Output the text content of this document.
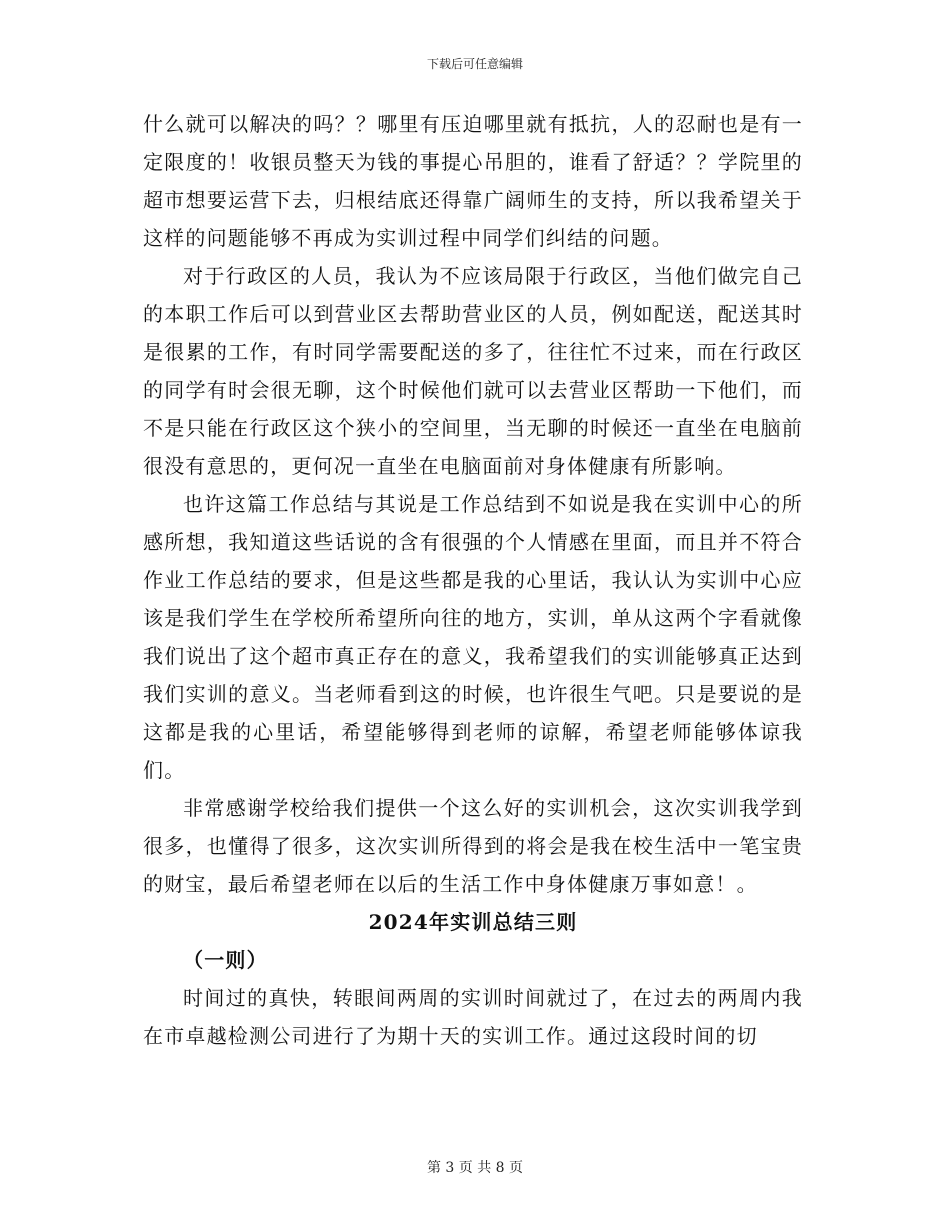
下载后可任意编辑

什么就可以解决的吗？？哪里有压迫哪里就有抵抗，人的忍耐也是有一定限度的！收银员整天为钱的事提心吊胆的，谁看了舒适？？学院里的超市想要运营下去，归根结底还得靠广阔师生的支持，所以我希望关于这样的问题能够不再成为实训过程中同学们纠结的问题。

对于行政区的人员，我认为不应该局限于行政区，当他们做完自己的本职工作后可以到营业区去帮助营业区的人员，例如配送，配送其时是很累的工作，有时同学需要配送的多了，往往忙不过来，而在行政区的同学有时会很无聊，这个时候他们就可以去营业区帮助一下他们，而不是只能在行政区这个狭小的空间里，当无聊的时候还一直坐在电脑前很没有意思的，更何况一直坐在电脑面前对身体健康有所影响。

也许这篇工作总结与其说是工作总结到不如说是我在实训中心的所感所想，我知道这些话说的含有很强的个人情感在里面，而且并不符合作业工作总结的要求，但是这些都是我的心里话，我认认为实训中心应该是我们学生在学校所希望所向往的地方，实训，单从这两个字看就像我们说出了这个超市真正存在的意义，我希望我们的实训能够真正达到我们实训的意义。当老师看到这的时候，也许很生气吧。只是要说的是这都是我的心里话，希望能够得到老师的谅解，希望老师能够体谅我们。

非常感谢学校给我们提供一个这么好的实训机会，这次实训我学到很多，也懂得了很多，这次实训所得到的将会是我在校生活中一笔宝贵的财宝，最后希望老师在以后的生活工作中身体健康万事如意！。

2024年实训总结三则
（一则）

时间过的真快，转眼间两周的实训时间就过了，在过去的两周内我在市卓越检测公司进行了为期十天的实训工作。通过这段时间的切

第 3 页 共 8 页
